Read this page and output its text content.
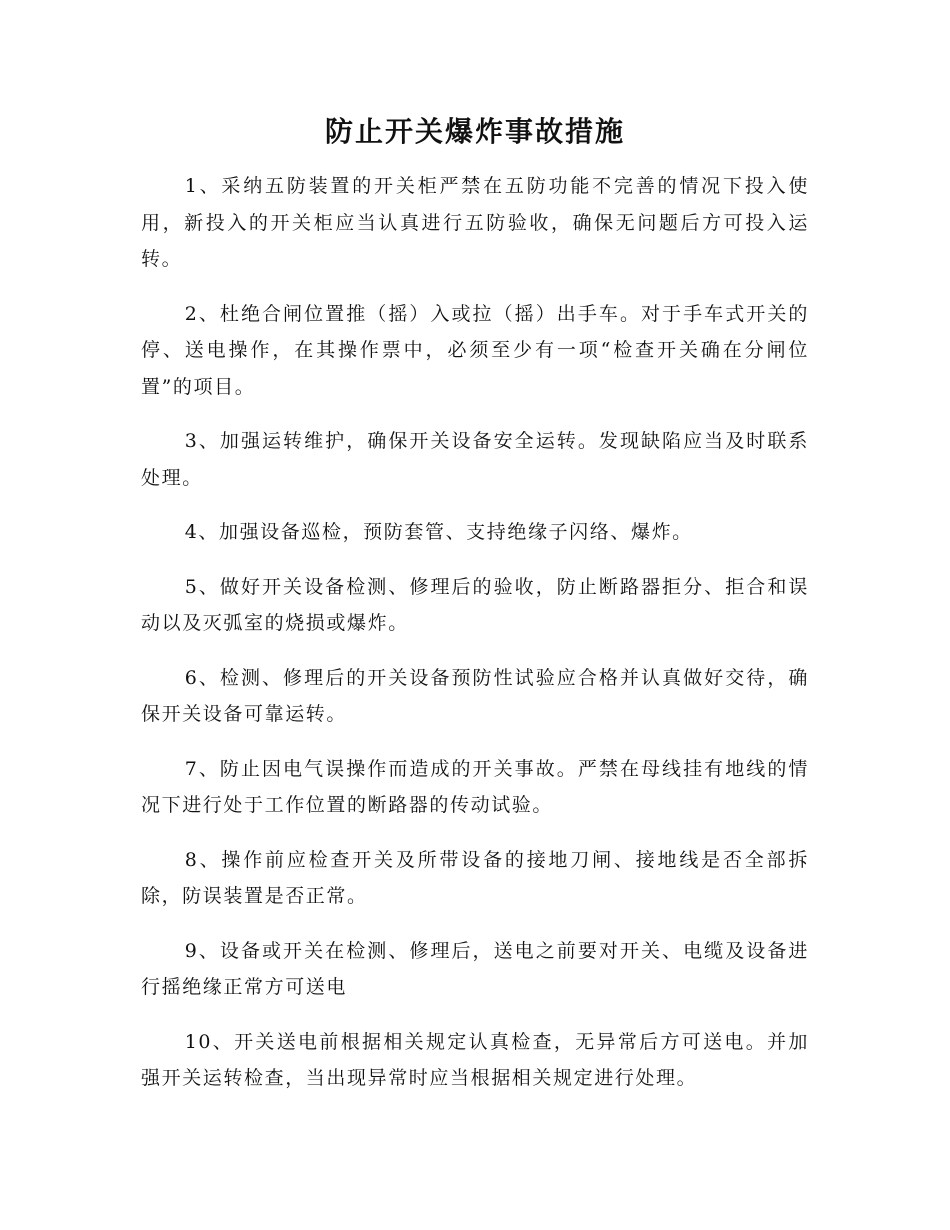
防止开关爆炸事故措施

1、采纳五防装置的开关柜严禁在五防功能不完善的情况下投入使用，新投入的开关柜应当认真进行五防验收，确保无问题后方可投入运转。

2、杜绝合闸位置推（摇）入或拉（摇）出手车。对于手车式开关的停、送电操作，在其操作票中，必须至少有一项“检查开关确在分闸位置”的项目。

3、加强运转维护，确保开关设备安全运转。发现缺陷应当及时联系处理。

4、加强设备巡检，预防套管、支持绝缘子闪络、爆炸。

5、做好开关设备检测、修理后的验收，防止断路器拒分、拒合和误动以及灭弧室的烧损或爆炸。

6、检测、修理后的开关设备预防性试验应合格并认真做好交待，确保开关设备可靠运转。

7、防止因电气误操作而造成的开关事故。严禁在母线挂有地线的情况下进行处于工作位置的断路器的传动试验。

8、操作前应检查开关及所带设备的接地刀闸、接地线是否全部拆除，防误装置是否正常。

9、设备或开关在检测、修理后，送电之前要对开关、电缆及设备进行摇绝缘正常方可送电

10、开关送电前根据相关规定认真检查，无异常后方可送电。并加强开关运转检查，当出现异常时应当根据相关规定进行处理。
